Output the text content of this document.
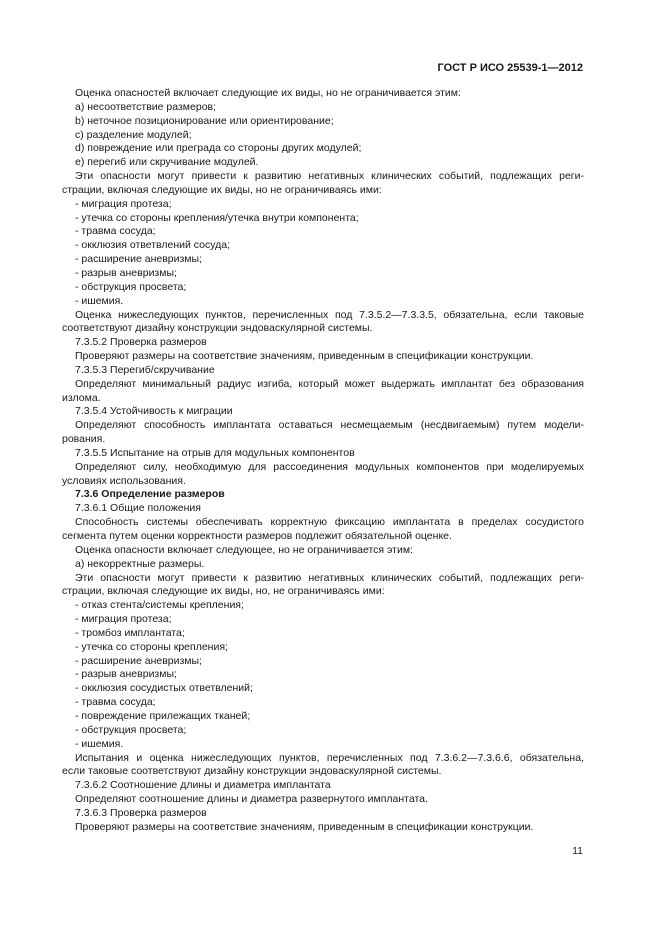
ГОСТ Р ИСО 25539-1—2012
Оценка опасностей включает следующие их виды, но не ограничивается этим:
a) несоответствие размеров;
b) неточное позиционирование или ориентирование;
c) разделение модулей;
d) повреждение или преграда со стороны других модулей;
e) перегиб или скручивание модулей.
Эти опасности могут привести к развитию негативных клинических событий, подлежащих реги-
страции, включая следующие их виды, но не ограничиваясь ими:
- миграция протеза;
- утечка со стороны крепления/утечка внутри компонента;
- травма сосуда;
- окклюзия ответвлений сосуда;
- расширение аневризмы;
- разрыв аневризмы;
- обструкция просвета;
- ишемия.
Оценка нижеследующих пунктов, перечисленных под 7.3.5.2—7.3.3.5, обязательна, если таковые
соответствуют дизайну конструкции эндоваскулярной системы.
7.3.5.2 Проверка размеров
Проверяют размеры на соответствие значениям, приведенным в спецификации конструкции.
7.3.5.3 Перегиб/скручивание
Определяют минимальный радиус изгиба, который может выдержать имплантат без образования
излома.
7.3.5.4 Устойчивость к миграции
Определяют способность имплантата оставаться несмещаемым (несдвигаемым) путем модели-
рования.
7.3.5.5 Испытание на отрыв для модульных компонентов
Определяют силу, необходимую для рассоединения модульных компонентов при моделируемых
условиях использования.
7.3.6 Определение размеров
7.3.6.1 Общие положения
Способность системы обеспечивать корректную фиксацию имплантата в пределах сосудистого
сегмента путем оценки корректности размеров подлежит обязательной оценке.
Оценка опасности включает следующее, но не ограничивается этим:
a) некорректные размеры.
Эти опасности могут привести к развитию негативных клинических событий, подлежащих реги-
страции, включая следующие их виды, но, не ограничиваясь ими:
- отказ стента/системы крепления;
- миграция протеза;
- тромбоз имплантата;
- утечка со стороны крепления;
- расширение аневризмы;
- разрыв аневризмы;
- окклюзия сосудистых ответвлений;
- травма сосуда;
- повреждение прилежащих тканей;
- обструкция просвета;
- ишемия.
Испытания и оценка нижеследующих пунктов, перечисленных под 7.3.6.2—7.3.6.6, обязательна,
если таковые соответствуют дизайну конструкции эндоваскулярной системы.
7.3.6.2 Соотношение длины и диаметра имплантата
Определяют соотношение длины и диаметра развернутого имплантата.
7.3.6.3 Проверка размеров
Проверяют размеры на соответствие значениям, приведенным в спецификации конструкции.
11
